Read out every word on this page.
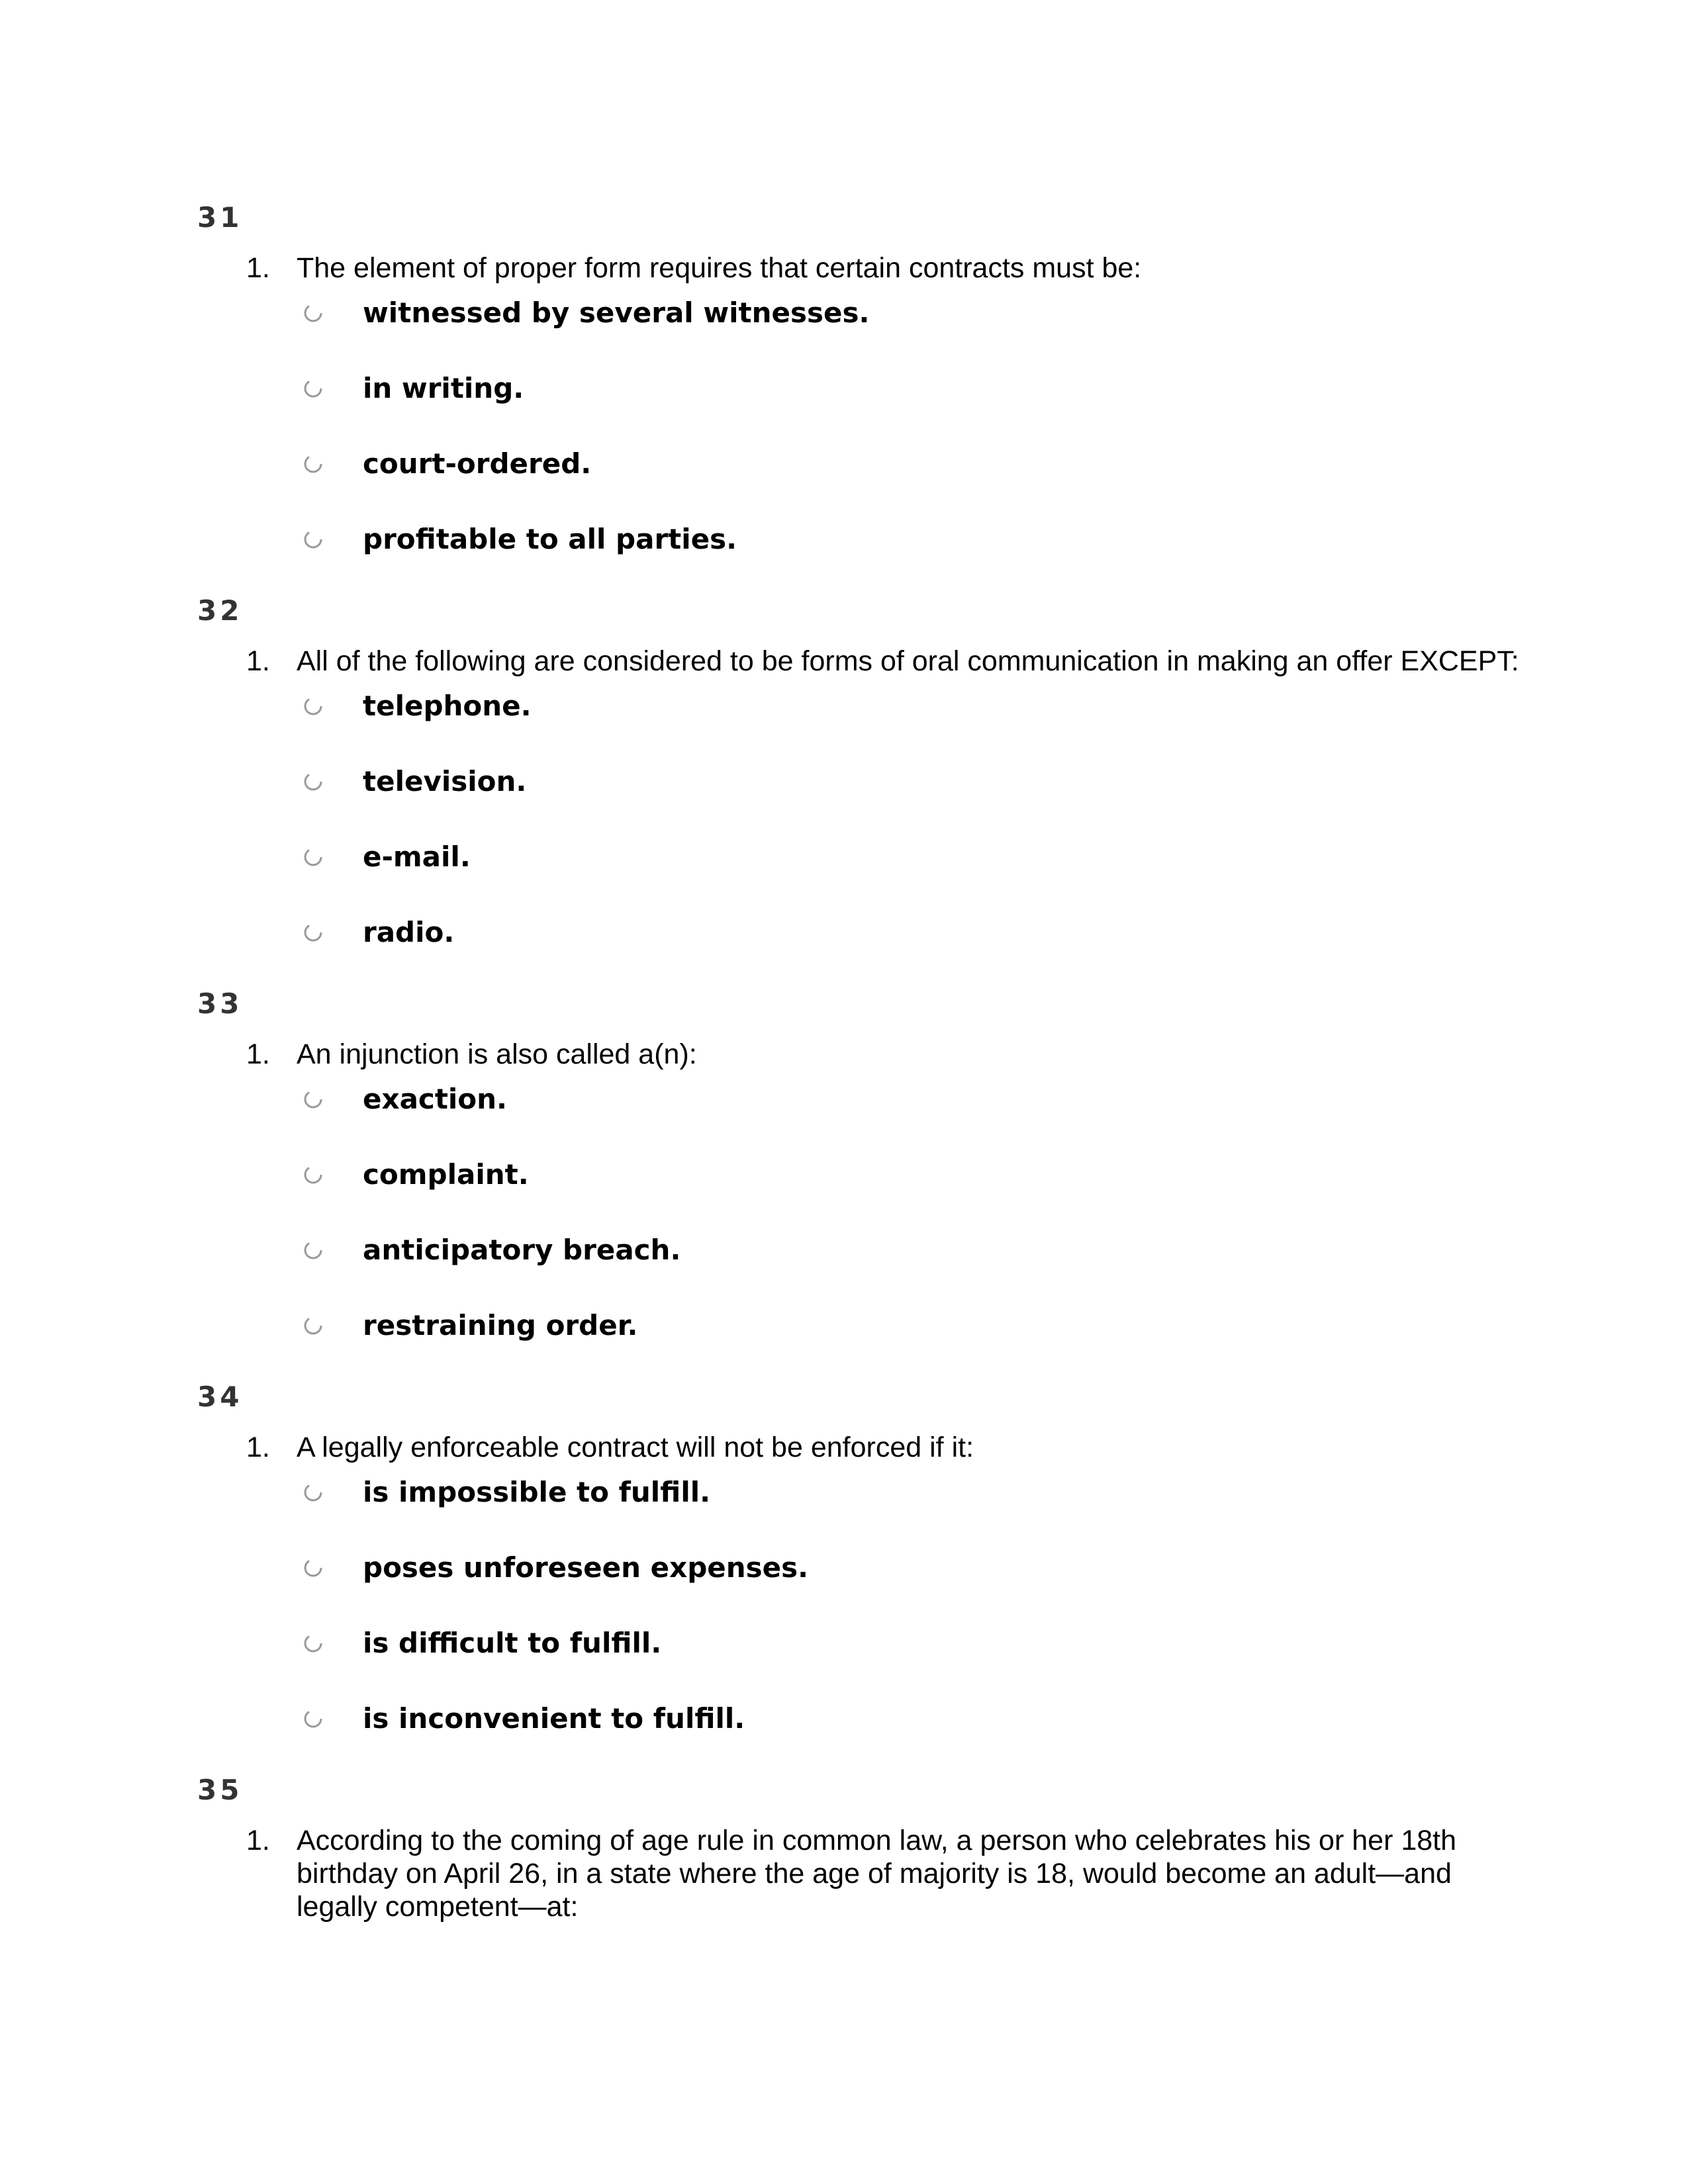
31
1. The element of proper form requires that certain contracts must be:
witnessed by several witnesses.
in writing.
court-ordered.
profitable to all parties.
32
1. All of the following are considered to be forms of oral communication in making an offer EXCEPT:
telephone.
television.
e-mail.
radio.
33
1. An injunction is also called a(n):
exaction.
complaint.
anticipatory breach.
restraining order.
34
1. A legally enforceable contract will not be enforced if it:
is impossible to fulfill.
poses unforeseen expenses.
is difficult to fulfill.
is inconvenient to fulfill.
35
1. According to the coming of age rule in common law, a person who celebrates his or her 18th birthday on April 26, in a state where the age of majority is 18, would become an adult—and legally competent—at:
